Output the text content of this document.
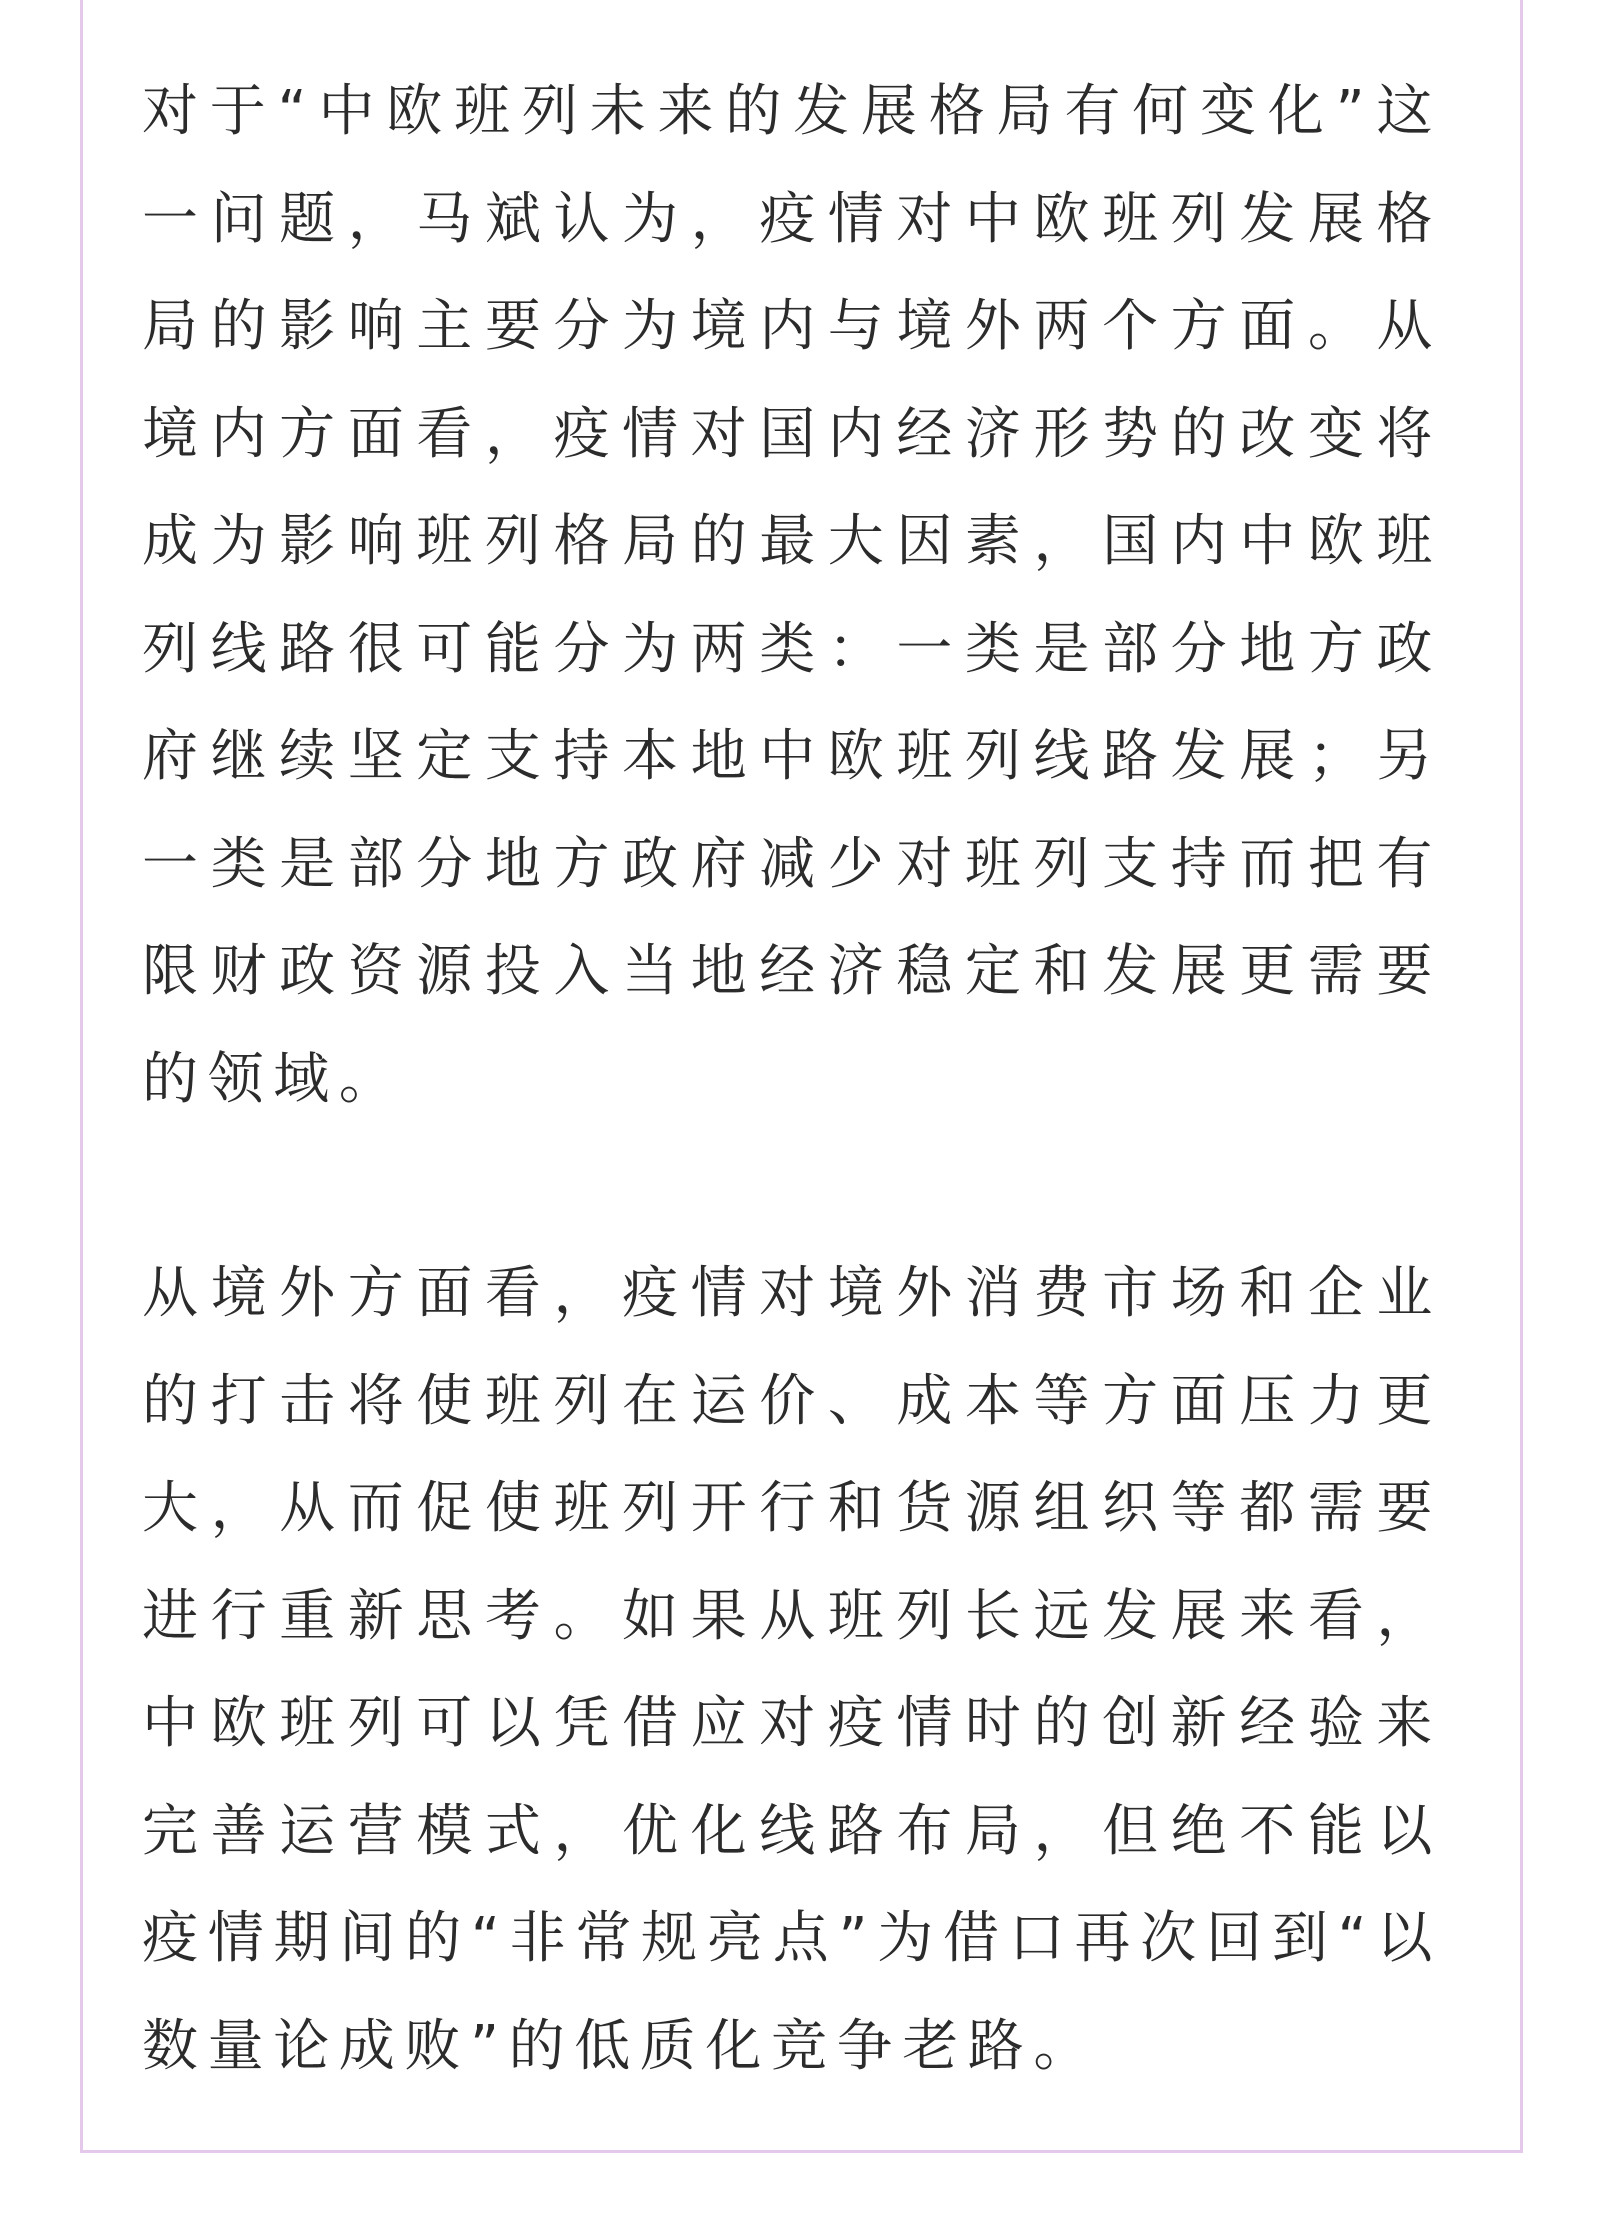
对于“中欧班列未来的发展格局有何变化”这一问题，马斌认为，疫情对中欧班列发展格局的影响主要分为境内与境外两个方面。从境内方面看，疫情对国内经济形势的改变将成为影响班列格局的最大因素，国内中欧班列线路很可能分为两类：一类是部分地方政府继续坚定支持本地中欧班列线路发展；另一类是部分地方政府减少对班列支持而把有限财政资源投入当地经济稳定和发展更需要的领域。

从境外方面看，疫情对境外消费市场和企业的打击将使班列在运价、成本等方面压力更大，从而促使班列开行和货源组织等都需要进行重新思考。如果从班列长远发展来看，中欧班列可以凭借应对疫情时的创新经验来完善运营模式，优化线路布局，但绝不能以疫情期间的“非常规亮点”为借口再次回到“以数量论成败”的低质化竞争老路。
